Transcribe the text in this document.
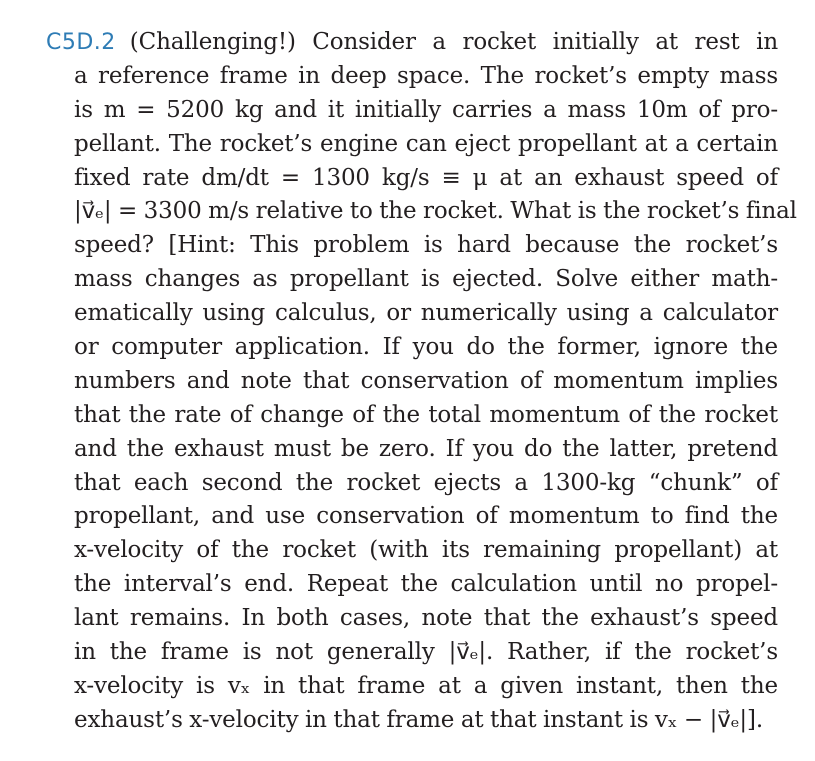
C5D.2 (Challenging!) Consider a rocket initially at rest in
a reference frame in deep space. The rocket’s empty mass
is m = 5200 kg and it initially carries a mass 10m of pro-
pellant. The rocket’s engine can eject propellant at a certain
fixed rate dm/dt = 1300 kg/s ≡ μ at an exhaust speed of
|v⃗ₑ| = 3300 m/s relative to the rocket. What is the rocket’s final
speed? [Hint: This problem is hard because the rocket’s
mass changes as propellant is ejected. Solve either math-
ematically using calculus, or numerically using a calculator
or computer application. If you do the former, ignore the
numbers and note that conservation of momentum implies
that the rate of change of the total momentum of the rocket
and the exhaust must be zero. If you do the latter, pretend
that each second the rocket ejects a 1300-kg “chunk” of
propellant, and use conservation of momentum to find the
x-velocity of the rocket (with its remaining propellant) at
the interval’s end. Repeat the calculation until no propel-
lant remains. In both cases, note that the exhaust’s speed
in the frame is not generally |v⃗ₑ|. Rather, if the rocket’s
x-velocity is vₓ in that frame at a given instant, then the
exhaust’s x-velocity in that frame at that instant is vₓ − |v⃗ₑ|].
